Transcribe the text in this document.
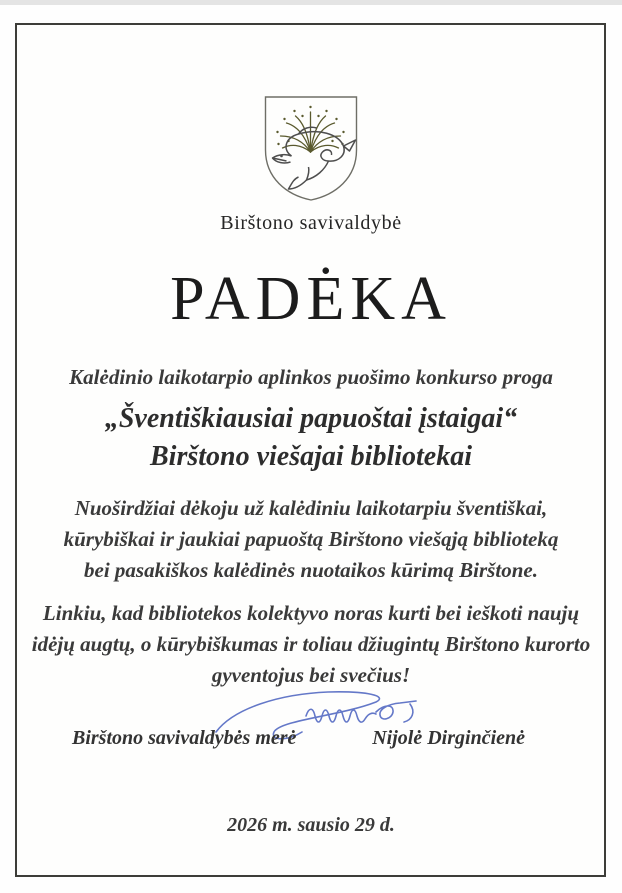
Birštono savivaldybė
PADĖKA
Kalėdinio laikotarpio aplinkos puošimo konkurso proga
„Šventiškiausiai papuoštai įstaigai“
Birštono viešajai bibliotekai
Nuoširdžiai dėkoju už kalėdiniu laikotarpiu šventiškai,
kūrybiškai ir jaukiai papuoštą Birštono viešąją biblioteką
bei pasakiškos kalėdinės nuotaikos kūrimą Birštone.
Linkiu, kad bibliotekos kolektyvo noras kurti bei ieškoti naujų
idėjų augtų, o kūrybiškumas ir toliau džiugintų Birštono kurorto
gyventojus bei svečius!
Birštono savivaldybės merė	Nijolė Dirginčienė
2026 m. sausio 29 d.
